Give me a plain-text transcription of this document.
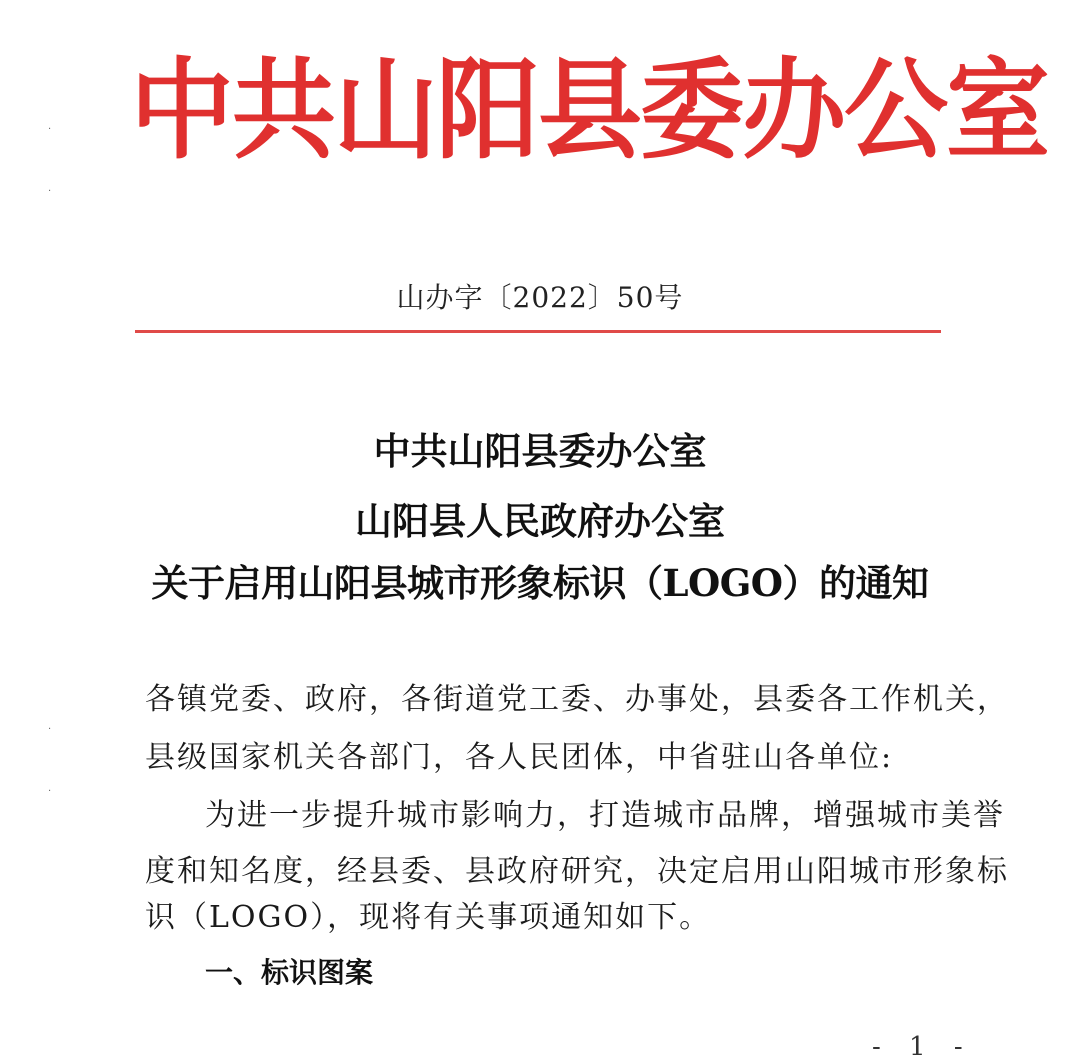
中共山阳县委办公室
山办字〔2022〕50号
中共山阳县委办公室
山阳县人民政府办公室
关于启用山阳县城市形象标识（LOGO）的通知
各镇党委、政府，各街道党工委、办事处，县委各工作机关，
县级国家机关各部门，各人民团体，中省驻山各单位:
为进一步提升城市影响力，打造城市品牌，增强城市美誉
度和知名度，经县委、县政府研究，决定启用山阳城市形象标
识（LOGO），现将有关事项通知如下。
一、标识图案
- 1 -
·
·
·
·
